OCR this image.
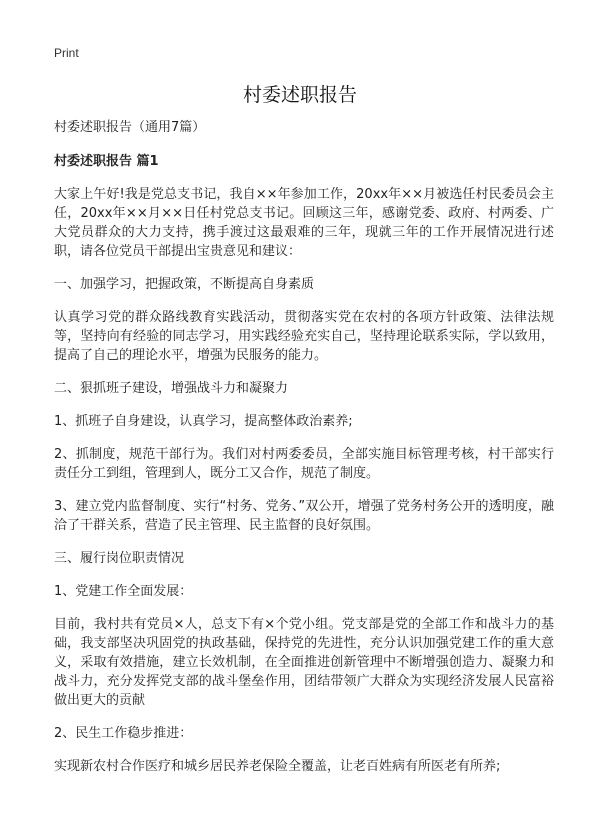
Print
村委述职报告

村委述职报告（通用7篇）

村委述职报告 篇1

大家上午好!我是党总支书记，我自××年参加工作，20xx年××月被选任村民委员会主任，20xx年××月××日任村党总支书记。回顾这三年，感谢党委、政府、村两委、广大党员群众的大力支持，携手渡过这最艰难的三年，现就三年的工作开展情况进行述职，请各位党员干部提出宝贵意见和建议：

一、加强学习，把握政策，不断提高自身素质

认真学习党的群众路线教育实践活动，贯彻落实党在农村的各项方针政策、法律法规等，坚持向有经验的同志学习，用实践经验充实自己，坚持理论联系实际，学以致用，提高了自己的理论水平，增强为民服务的能力。

二、狠抓班子建设，增强战斗力和凝聚力

1、抓班子自身建设，认真学习，提高整体政治素养;

2、抓制度，规范干部行为。我们对村两委委员，全部实施目标管理考核，村干部实行责任分工到组，管理到人，既分工又合作，规范了制度。

3、建立党内监督制度、实行“村务、党务、”双公开，增强了党务村务公开的透明度，融洽了干群关系，营造了民主管理、民主监督的良好氛围。

三、履行岗位职责情况

1、党建工作全面发展：

目前，我村共有党员×人，总支下有×个党小组。党支部是党的全部工作和战斗力的基础，我支部坚决巩固党的执政基础，保持党的先进性，充分认识加强党建工作的重大意义，采取有效措施，建立长效机制，在全面推进创新管理中不断增强创造力、凝聚力和战斗力，充分发挥党支部的战斗堡垒作用，团结带领广大群众为实现经济发展人民富裕做出更大的贡献

2、民生工作稳步推进：

实现新农村合作医疗和城乡居民养老保险全覆盖，让老百姓病有所医老有所养;
